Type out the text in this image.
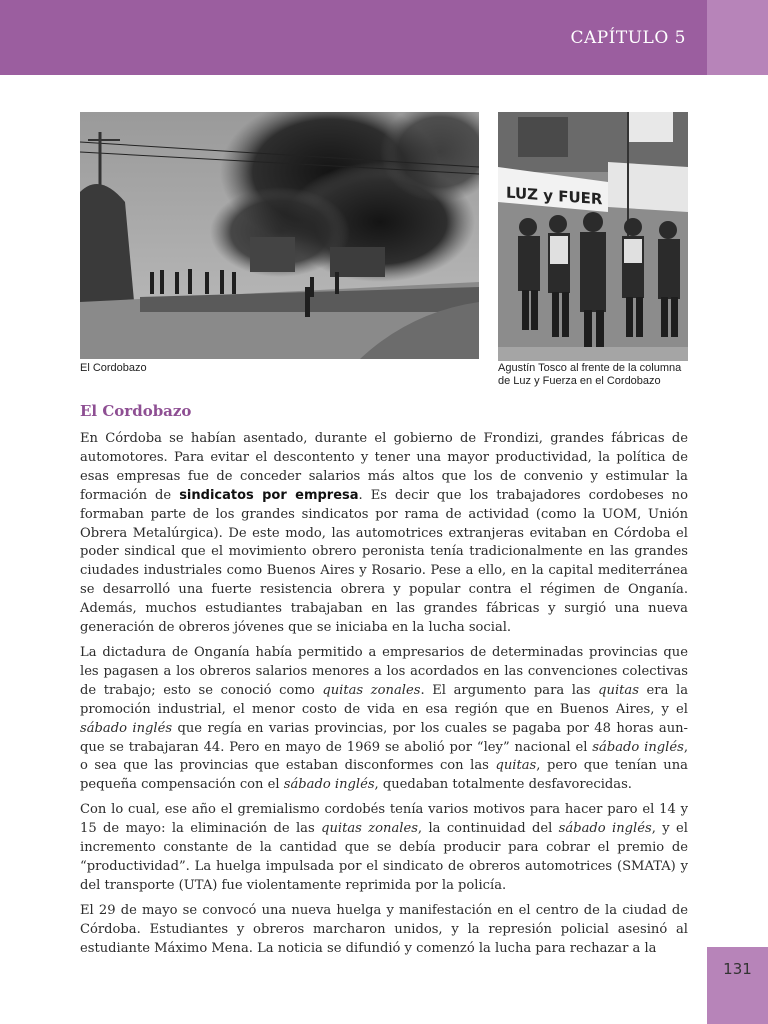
CAPÍTULO 5
LUZ y FUER
El Cordobazo	Agustín Tosco al frente de la columna de Luz y Fuerza en el Cordobazo
El Cordobazo

En Córdoba se habían asentado, durante el gobierno de Frondizi, grandes fábricas de automotores. Para evitar el descontento y tener una mayor productividad, la política de esas empresas fue de conceder salarios más altos que los de convenio y estimular la formación de sindicatos por empresa. Es decir que los trabajadores cordobeses no formaban parte de los grandes sindicatos por rama de actividad (como la UOM, Unión Obrera Metalúrgica). De este modo, las automotrices extranjeras evitaban en Córdoba el poder sindical que el movimiento obrero peronista tenía tradicionalmente en las grandes ciudades industriales como Buenos Aires y Rosario. Pese a ello, en la capital mediterránea se desarrolló una fuerte resistencia obrera y popular contra el régimen de Onganía. Además, muchos estudiantes trabajaban en las grandes fábricas y surgió una nueva generación de obreros jóvenes que se iniciaba en la lucha social.

La dictadura de Onganía había permitido a empresarios de determinadas provincias que les pagasen a los obreros salarios menores a los acordados en las convenciones colectivas de trabajo; esto se conoció como quitas zonales. El argumento para las quitas era la promoción industrial, el menor costo de vida en esa región que en Buenos Aires, y el sábado inglés que regía en varias provincias, por los cuales se pagaba por 48 horas aun-que se trabajaran 44. Pero en mayo de 1969 se abolió por “ley” nacional el sábado inglés, o sea que las provincias que estaban disconformes con las quitas, pero que tenían una pequeña compensación con el sábado inglés, quedaban totalmente desfavorecidas.

Con lo cual, ese año el gremialismo cordobés tenía varios motivos para hacer paro el 14 y 15 de mayo: la eliminación de las quitas zonales, la continuidad del sábado inglés, y el incremento constante de la cantidad que se debía producir para cobrar el premio de “productividad”. La huelga impulsada por el sindicato de obreros automotrices (SMATA) y del transporte (UTA) fue violentamente reprimida por la policía.

El 29 de mayo se convocó una nueva huelga y manifestación en el centro de la ciudad de Córdoba. Estudiantes y obreros marcharon unidos, y la represión policial asesinó al estudiante Máximo Mena. La noticia se difundió y comenzó la lucha para rechazar a la

131
